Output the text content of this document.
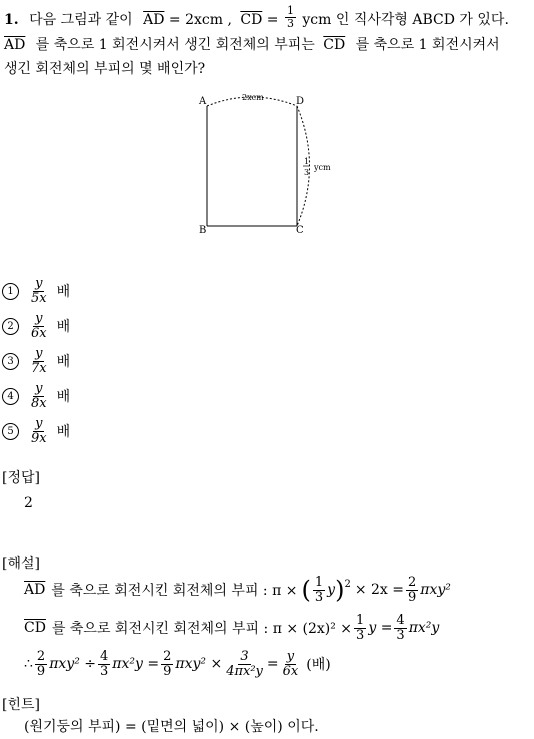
1. 다음 그림과 같이 $\overline{AD} = 2xcm$ , $\overline{CD} = \frac{1}{3}$ ycm 인 직사각형 ABCD 가 있다.
$\overline{AD}$ 를 축으로 1 회전시켜서 생긴 회전체의 부피는 $\overline{CD}$ 를 축으로 1 회전시켜서
생긴 회전체의 부피의 몇 배인가?
A
B	C
D
2xcm
1
3
ycm
1	$\frac{y}{5x}$ 배
2	$\frac{y}{6x}$ 배
3	$\frac{y}{7x}$ 배
4	$\frac{y}{8x}$ 배
5	$\frac{y}{9x}$ 배
[정답]
2
[해설]
$\overline{AD}$ 를 축으로 회전시킨 회전체의 부피 : π × ( $\frac{1}{3}$ y )$^2 \times 2x = \frac{2}{9} \pi xy^2$
$\overline{CD}$ 를 축으로 회전시킨 회전체의 부피 : $\pi \times (2x)^2 \times \frac{1}{3}$ $y = \frac{4}{3} \pi x^2y$
∴ $\frac{2}{9} \pi xy^2 \div \frac{4}{3} \pi x^2y = \frac{2}{9} \pi xy^2 \times \frac{3}{\text{4πx²y}} = \frac{y}{6x}$ (배)
[힌트]
(원기둥의 부피) = (밑면의 넓이) × (높이) 이다.
